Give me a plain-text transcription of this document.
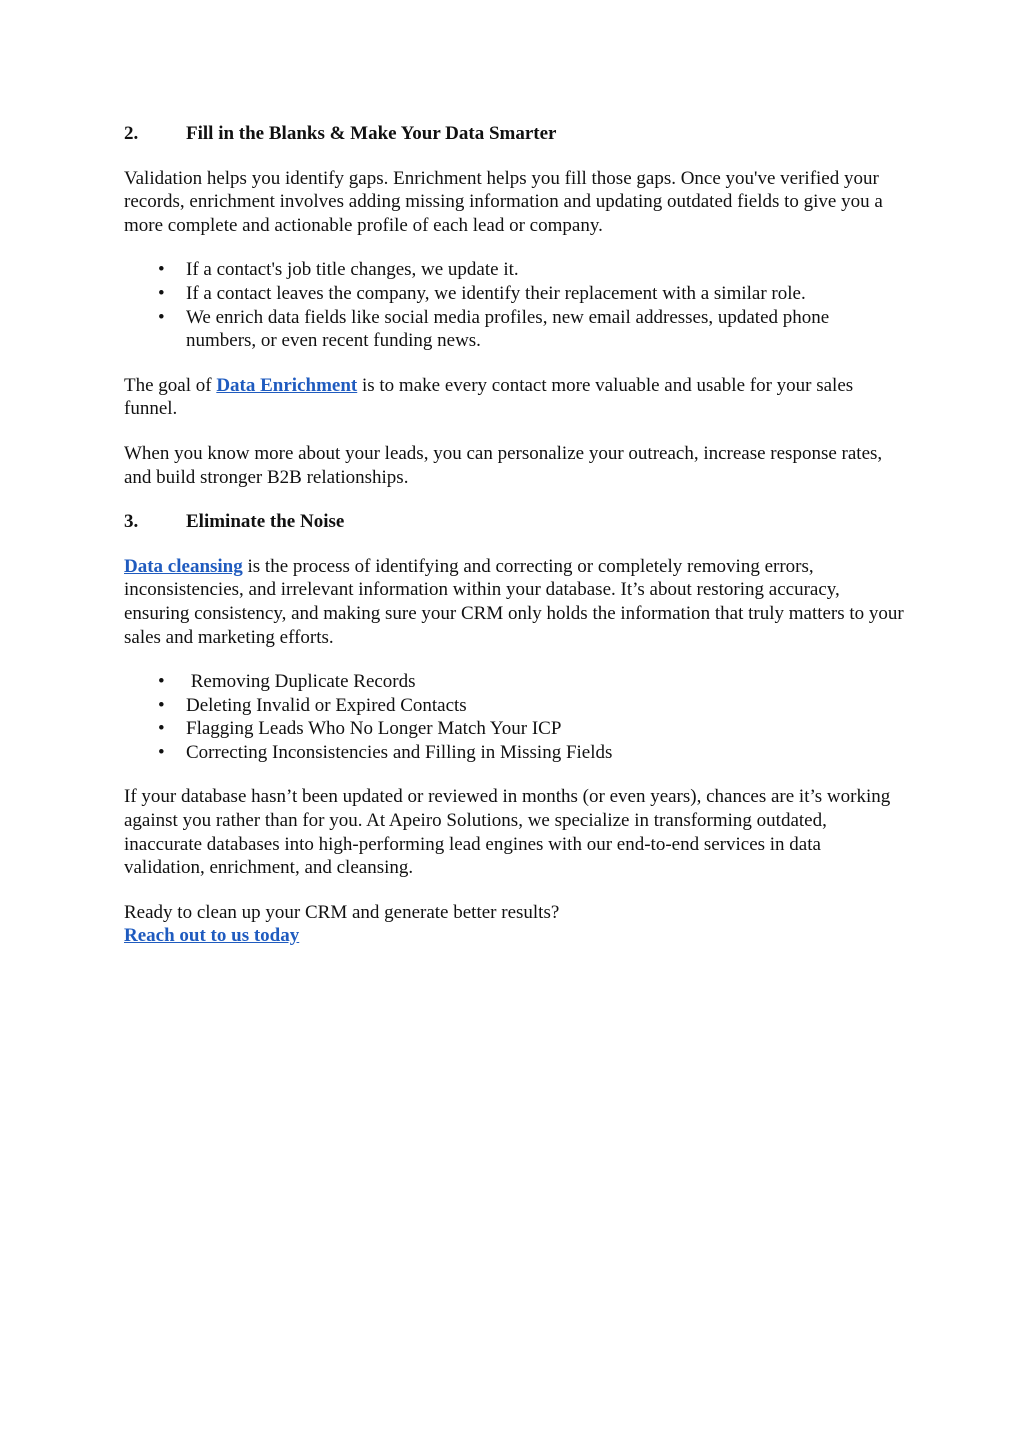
2.	Fill in the Blanks & Make Your Data Smarter

Validation helps you identify gaps. Enrichment helps you fill those gaps. Once you've verified your records, enrichment involves adding missing information and updating outdated fields to give you a more complete and actionable profile of each lead or company.

• If a contact's job title changes, we update it.
• If a contact leaves the company, we identify their replacement with a similar role.
• We enrich data fields like social media profiles, new email addresses, updated phone numbers, or even recent funding news.

The goal of Data Enrichment is to make every contact more valuable and usable for your sales funnel.

When you know more about your leads, you can personalize your outreach, increase response rates, and build stronger B2B relationships.

3.	Eliminate the Noise

Data cleansing is the process of identifying and correcting or completely removing errors, inconsistencies, and irrelevant information within your database. It’s about restoring accuracy, ensuring consistency, and making sure your CRM only holds the information that truly matters to your sales and marketing efforts.

• Removing Duplicate Records
• Deleting Invalid or Expired Contacts
• Flagging Leads Who No Longer Match Your ICP
• Correcting Inconsistencies and Filling in Missing Fields

If your database hasn’t been updated or reviewed in months (or even years), chances are it’s working against you rather than for you. At Apeiro Solutions, we specialize in transforming outdated, inaccurate databases into high-performing lead engines with our end-to-end services in data validation, enrichment, and cleansing.

Ready to clean up your CRM and generate better results?

Reach out to us today
